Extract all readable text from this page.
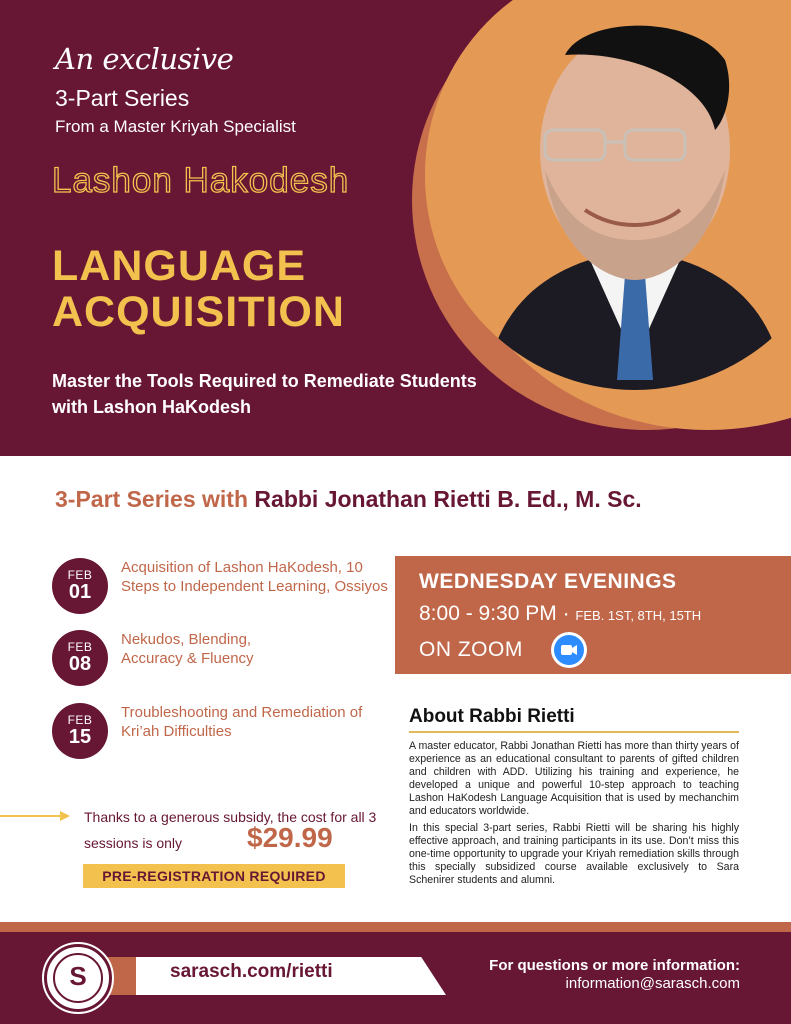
An exclusive
3-Part Series
From a Master Kriyah Specialist
Lashon Hakodesh
LANGUAGE ACQUISITION
Master the Tools Required to Remediate Students with Lashon HaKodesh
3-Part Series with Rabbi Jonathan Rietti B. Ed., M. Sc.
FEB
01
Acquisition of Lashon HaKodesh, 10 Steps to Independent Learning, Ossiyos
FEB
08
Nekudos, Blending, Accuracy & Fluency
FEB
15
Troubleshooting and Remediation of Kri’ah Difficulties
Thanks to a generous subsidy, the cost for all 3 sessions is only	$29.99
PRE-REGISTRATION REQUIRED
WEDNESDAY EVENINGS
8:00 - 9:30 PM · FEB. 1ST, 8TH, 15TH
ON ZOOM
About Rabbi Rietti
A master educator, Rabbi Jonathan Rietti has more than thirty years of experience as an educational consultant to parents of gifted children and children with ADD. Utilizing his training and experience, he developed a unique and powerful 10-step approach to teaching Lashon HaKodesh Language Acquisition that is used by mechanchim and educators worldwide.
In this special 3-part series, Rabbi Rietti will be sharing his highly effective approach, and training participants in its use. Don’t miss this one-time opportunity to upgrade your Kriyah remediation skills through this specially subsidized course available exclusively to Sara Schenirer students and alumni.
sarasch.com/rietti
S	For questions or more information:
information@sarasch.com
